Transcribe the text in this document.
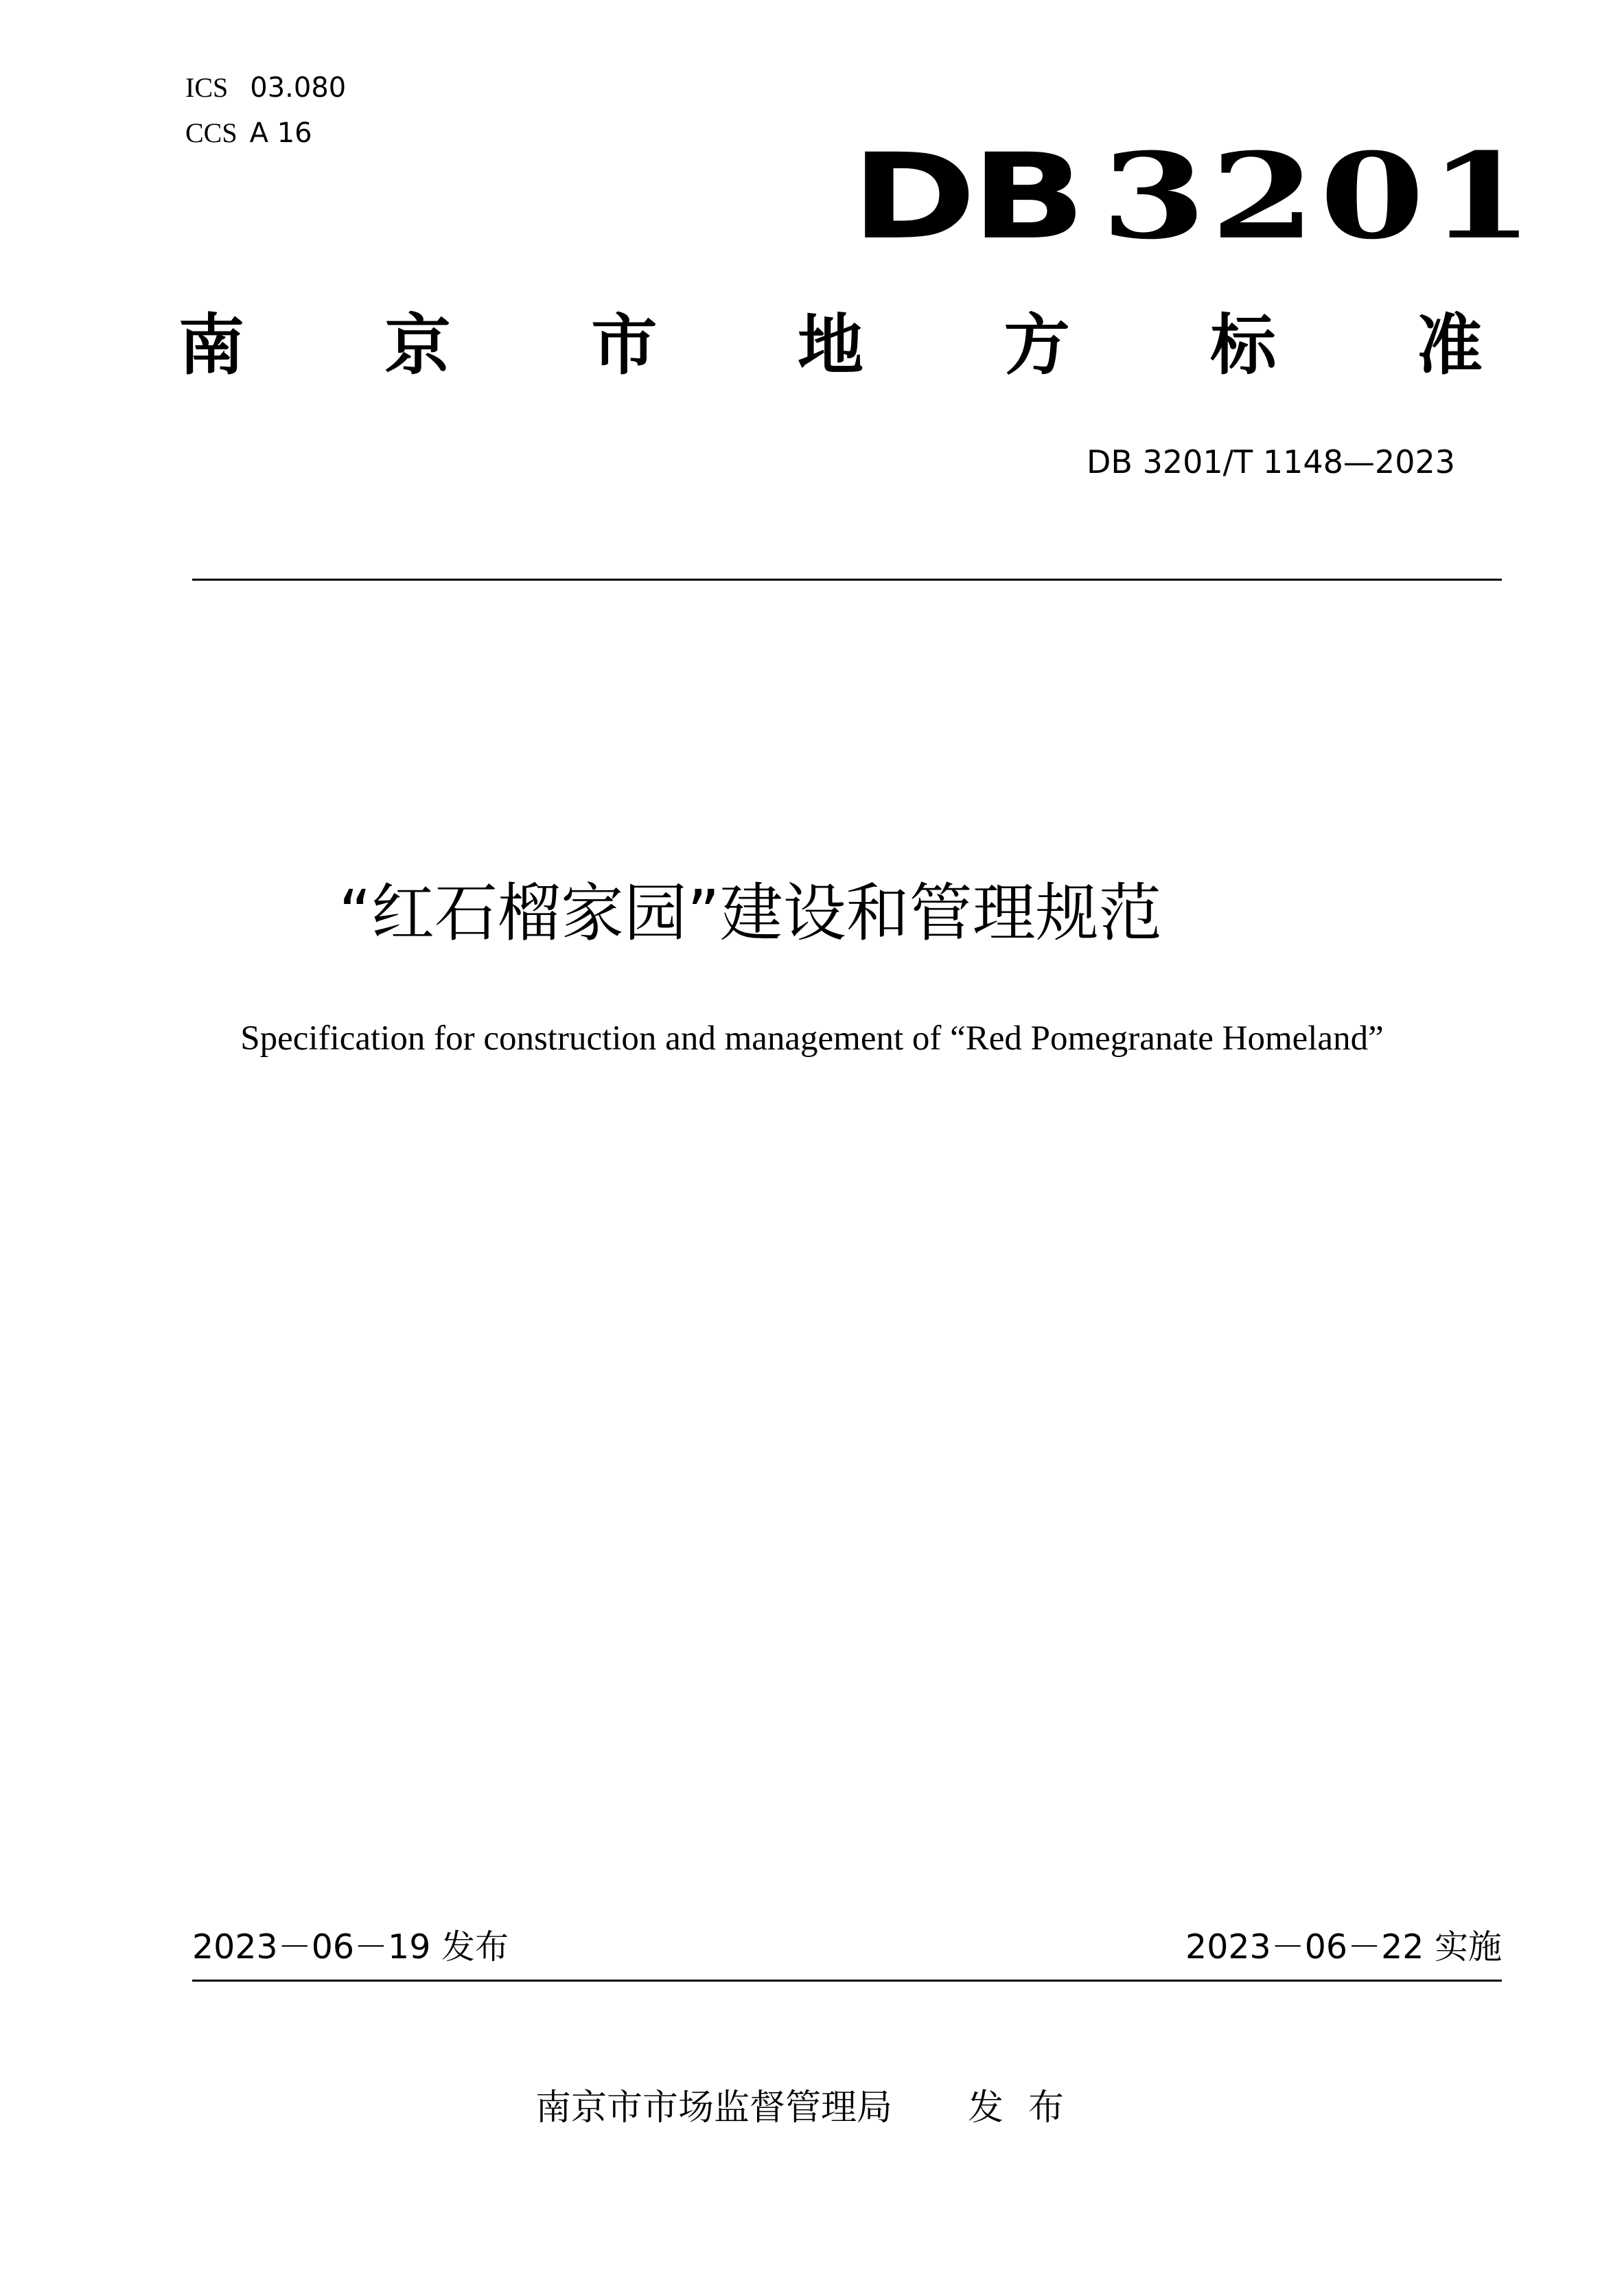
ICS 03.080
CCS A 16	DB 3201
南 京 市 地 方 标 准
DB 3201/T 1148—2023
“红石榴家园”建设和管理规范
Specification for construction and management of “Red Pomegranate Homeland”
2023－06－19 发布	2023－06－22 实施
南京市市场监督管理局 发布
